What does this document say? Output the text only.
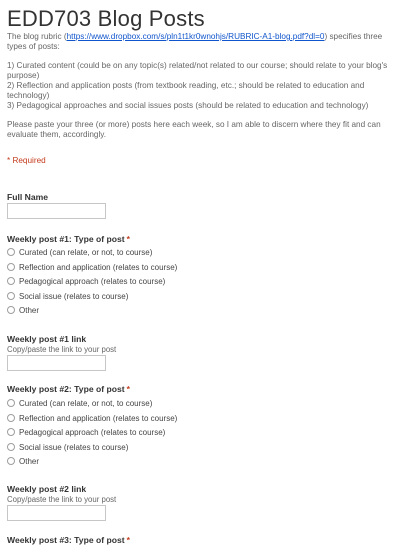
EDD703 Blog Posts

The blog rubric (https://www.dropbox.com/s/pln1t1kr0wnohjs/RUBRIC-A1-blog.pdf?dl=0) specifies three types of posts:

1) Curated content (could be on any topic(s) related/not related to our course; should relate to your blog's purpose)
2) Reflection and application posts (from textbook reading, etc.; should be related to education and technology)
3) Pedagogical approaches and social issues posts (should be related to education and technology)

Please paste your three (or more) posts here each week, so I am able to discern where they fit and can evaluate them, accordingly.

* Required
Full Name
Weekly post #1: Type of post *
Curated (can relate, or not, to course)
Reflection and application (relates to course)
Pedagogical approach (relates to course)
Social issue (relates to course)
Other
Weekly post #1 link
Copy/paste the link to your post
Weekly post #2: Type of post *
Curated (can relate, or not, to course)
Reflection and application (relates to course)
Pedagogical approach (relates to course)
Social issue (relates to course)
Other
Weekly post #2 link
Copy/paste the link to your post
Weekly post #3: Type of post *
